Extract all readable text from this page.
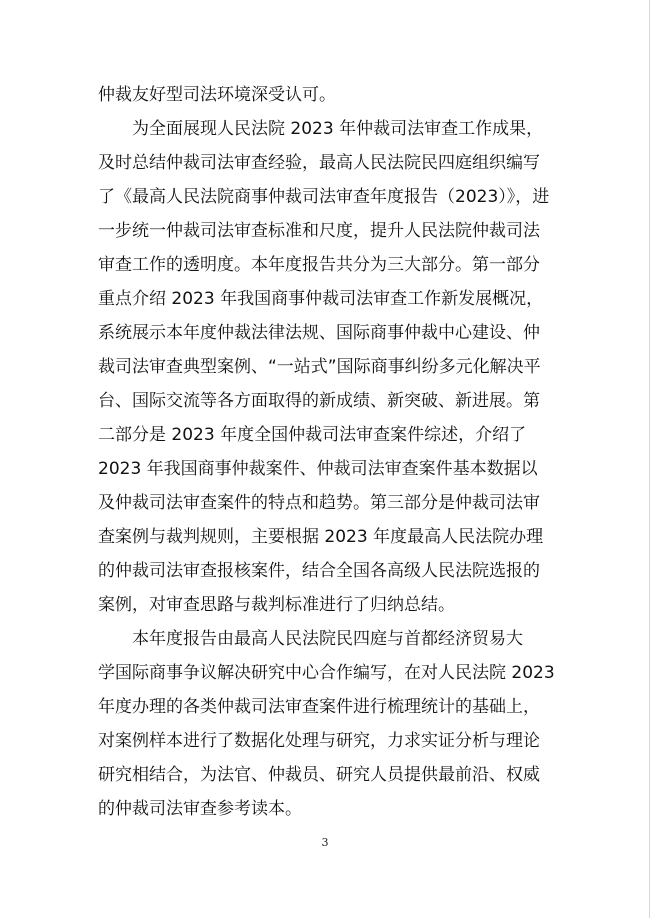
仲裁友好型司法环境深受认可。
　　为全面展现人民法院 2023 年仲裁司法审查工作成果，
及时总结仲裁司法审查经验，最高人民法院民四庭组织编写
了《最高人民法院商事仲裁司法审查年度报告（2023）》，进
一步统一仲裁司法审查标准和尺度，提升人民法院仲裁司法
审查工作的透明度。本年度报告共分为三大部分。第一部分
重点介绍 2023 年我国商事仲裁司法审查工作新发展概况，
系统展示本年度仲裁法律法规、国际商事仲裁中心建设、仲
裁司法审查典型案例、“一站式”国际商事纠纷多元化解决平
台、国际交流等各方面取得的新成绩、新突破、新进展。第
二部分是 2023 年度全国仲裁司法审查案件综述，介绍了
2023 年我国商事仲裁案件、仲裁司法审查案件基本数据以
及仲裁司法审查案件的特点和趋势。第三部分是仲裁司法审
查案例与裁判规则，主要根据 2023 年度最高人民法院办理
的仲裁司法审查报核案件，结合全国各高级人民法院选报的
案例，对审查思路与裁判标准进行了归纳总结。
　　本年度报告由最高人民法院民四庭与首都经济贸易大
学国际商事争议解决研究中心合作编写，在对人民法院 2023
年度办理的各类仲裁司法审查案件进行梳理统计的基础上，
对案例样本进行了数据化处理与研究，力求实证分析与理论
研究相结合，为法官、仲裁员、研究人员提供最前沿、权威
的仲裁司法审查参考读本。
3
